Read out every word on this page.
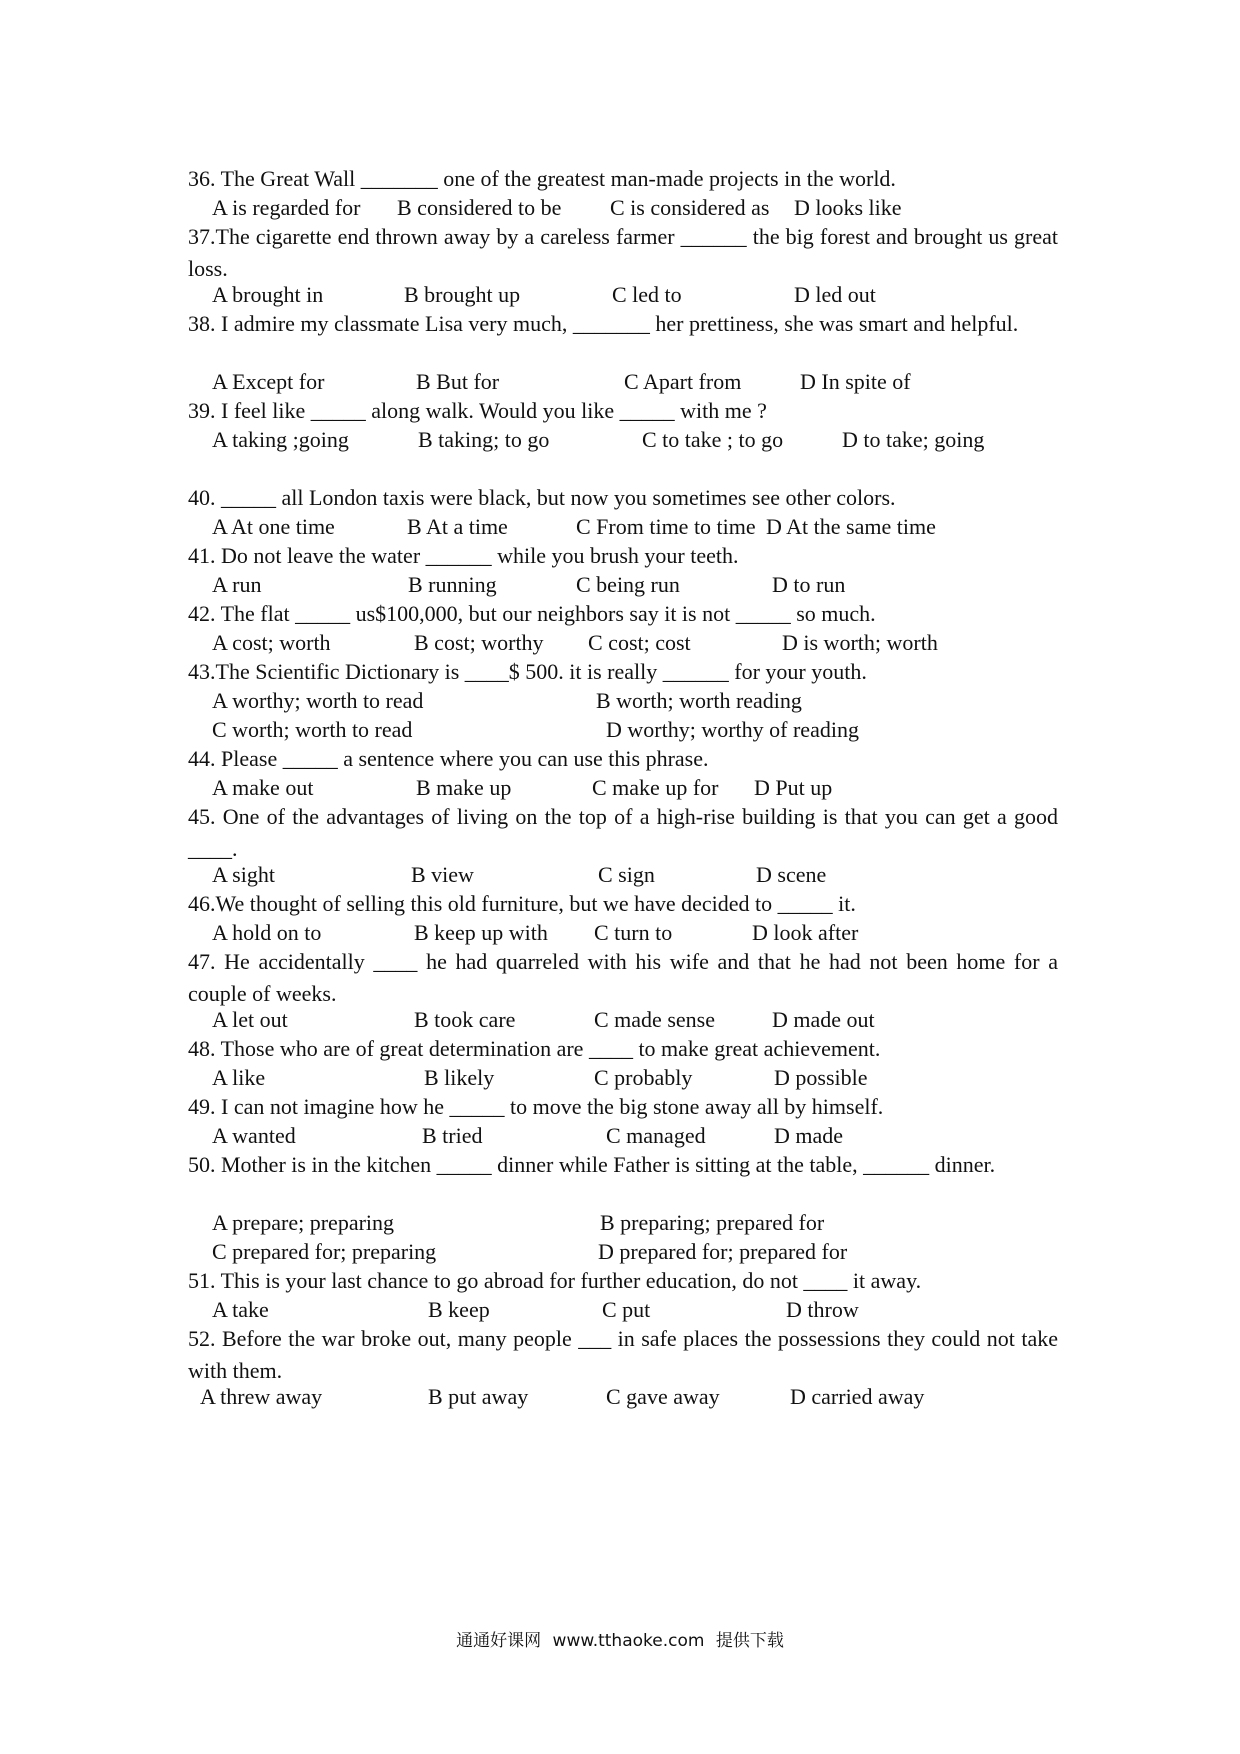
36. The Great Wall _______ one of the greatest man-made projects in the world.
A is regarded for B considered to be C is considered as D looks like
37.The cigarette end thrown away by a careless farmer ______ the big forest and brought us great loss.
A brought in	B brought up	C led to	D led out
38. I admire my classmate Lisa very much, _______ her prettiness, she was smart and helpful.
A Except for	B But for	C Apart from	D In spite of
39. I feel like _____ along walk. Would you like _____ with me ?
A taking ;going	B taking; to go	C to take ; to go	D to take; going
40. _____ all London taxis were black, but now you sometimes see other colors.
A At one time	B At a time	C From time to time D At the same time
41. Do not leave the water ______ while you brush your teeth.
A run	B running	C being run	D to run
42. The flat _____ us$100,000, but our neighbors say it is not _____ so much.
A cost; worth	B cost; worthy C cost; cost	D is worth; worth
43.The Scientific Dictionary is ____$ 500. it is really ______ for your youth.
A worthy; worth to read	B worth; worth reading
C worth; worth to read	D worthy; worthy of reading
44. Please _____ a sentence where you can use this phrase.
A make out	B make up	C make up for D Put up
45. One of the advantages of living on the top of a high-rise building is that you can get a good ____.
A sight	B view	C sign	D scene
46.We thought of selling this old furniture, but we have decided to _____ it.
A hold on to	B keep up with C turn to	D look after
47. He accidentally ____ he had quarreled with his wife and that he had not been home for a couple of weeks.
A let out	B took care	C made sense	D made out
48. Those who are of great determination are ____ to make great achievement.
A like	B likely	C probably	D possible
49. I can not imagine how he _____ to move the big stone away all by himself.
A wanted	B tried	C managed	D made
50. Mother is in the kitchen _____ dinner while Father is sitting at the table, ______ dinner.
A prepare; preparing	B preparing; prepared for
C prepared for; preparing	D prepared for; prepared for
51. This is your last chance to go abroad for further education, do not ____ it away.
A take	B keep	C put	D throw
52. Before the war broke out, many people ___ in safe places the possessions they could not take with them.
A threw away	B put away	C gave away	D carried away
通通好课网 www.tthaoke.com 提供下载
